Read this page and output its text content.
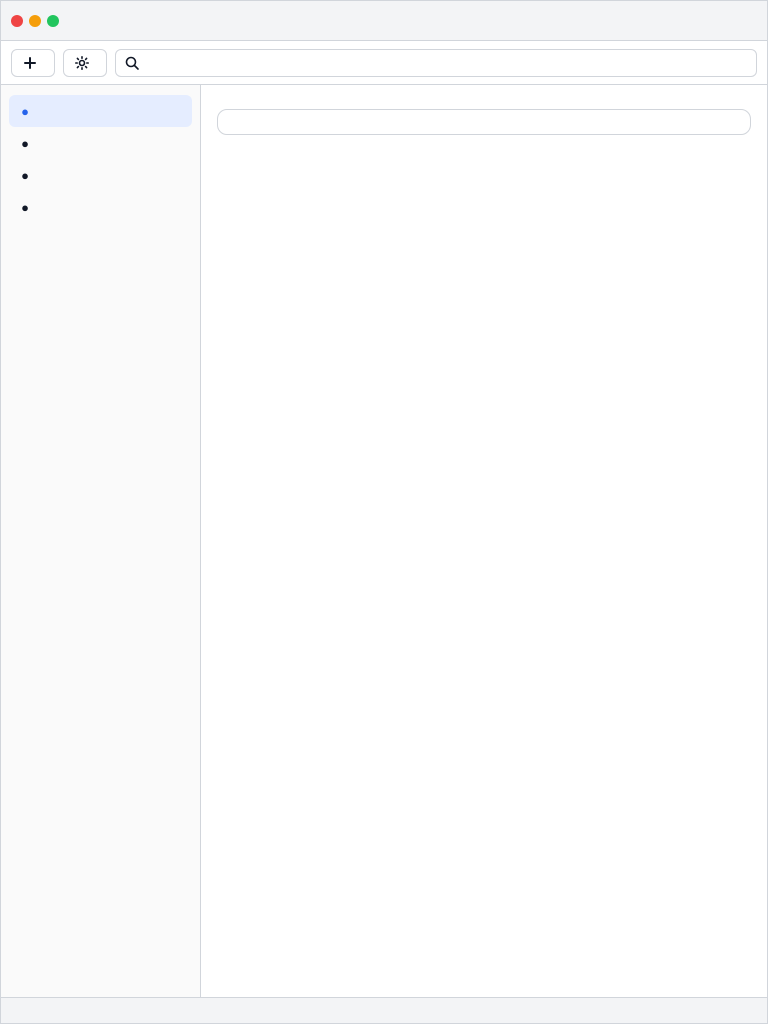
●
●
●
●
